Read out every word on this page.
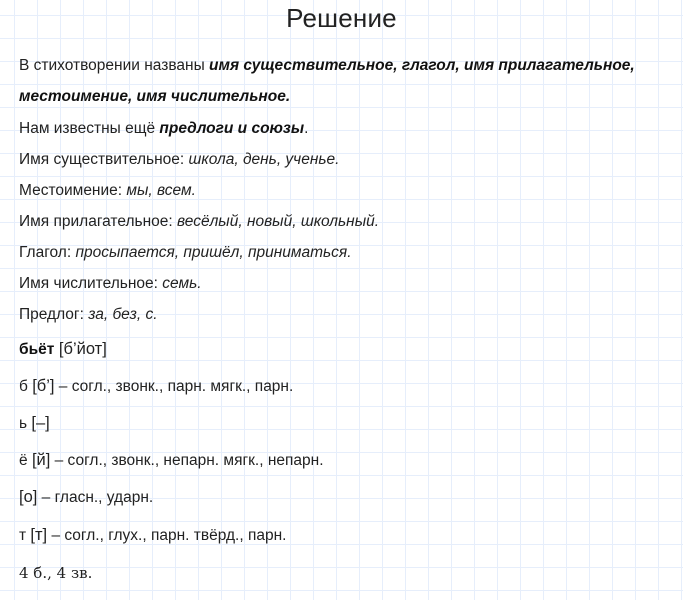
Решение
В стихотворении названы имя существительное, глагол, имя прилагательное,
местоимение, имя числительное.
Нам известны ещё предлоги и союзы.
Имя существительное: школа, день, ученье.
Местоимение: мы, всем.
Имя прилагательное: весёлый, новый, школьный.
Глагол: просыпается, пришёл, приниматься.
Имя числительное: семь.
Предлог: за, без, с.
бьёт [б’йот]
б [б’] – согл., звонк., парн. мягк., парн.
ь [–]
ё [й] – согл., звонк., непарн. мягк., непарн.
[о] – гласн., ударн.
т [т] – согл., глух., парн. твёрд., парн.
4 б., 4 зв.
